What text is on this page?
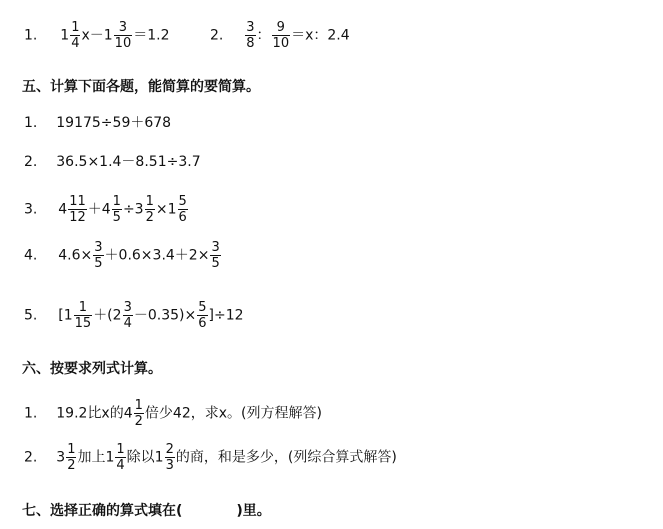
1. $1 \frac{1}{4} x-1 \frac{3}{10} =1.2$	2. $\frac{3}{8}$ ： $\frac{9}{10} =x$：2.4
五、计算下面各题，能简算的要简算。
1. 19175÷59＋678
2. 36.5×1.4－8.51÷3.7
3. $4 \frac{11}{12} +4 \frac{1}{5} \div 3 \frac{1}{2} \times 1 \frac{5}{6}$
4. $4.6\times \frac{3}{5} +0.6\times 3.4+2\times \frac{3}{5}$
5. $[1 \frac{1}{15} +(2 \frac{3}{4} -0.35)\times \frac{5}{6} ]\div 12$
六、按要求列式计算。
1. 19.2比x的$4 \frac{1}{2}$ 倍少42，求x。(列方程解答)
2. $3 \frac{1}{2}$ 加上$1 \frac{1}{4}$ 除以$1 \frac{2}{3}$ 的商，和是多少，(列综合算式解答)
七、选择正确的算式填在(	)里。
